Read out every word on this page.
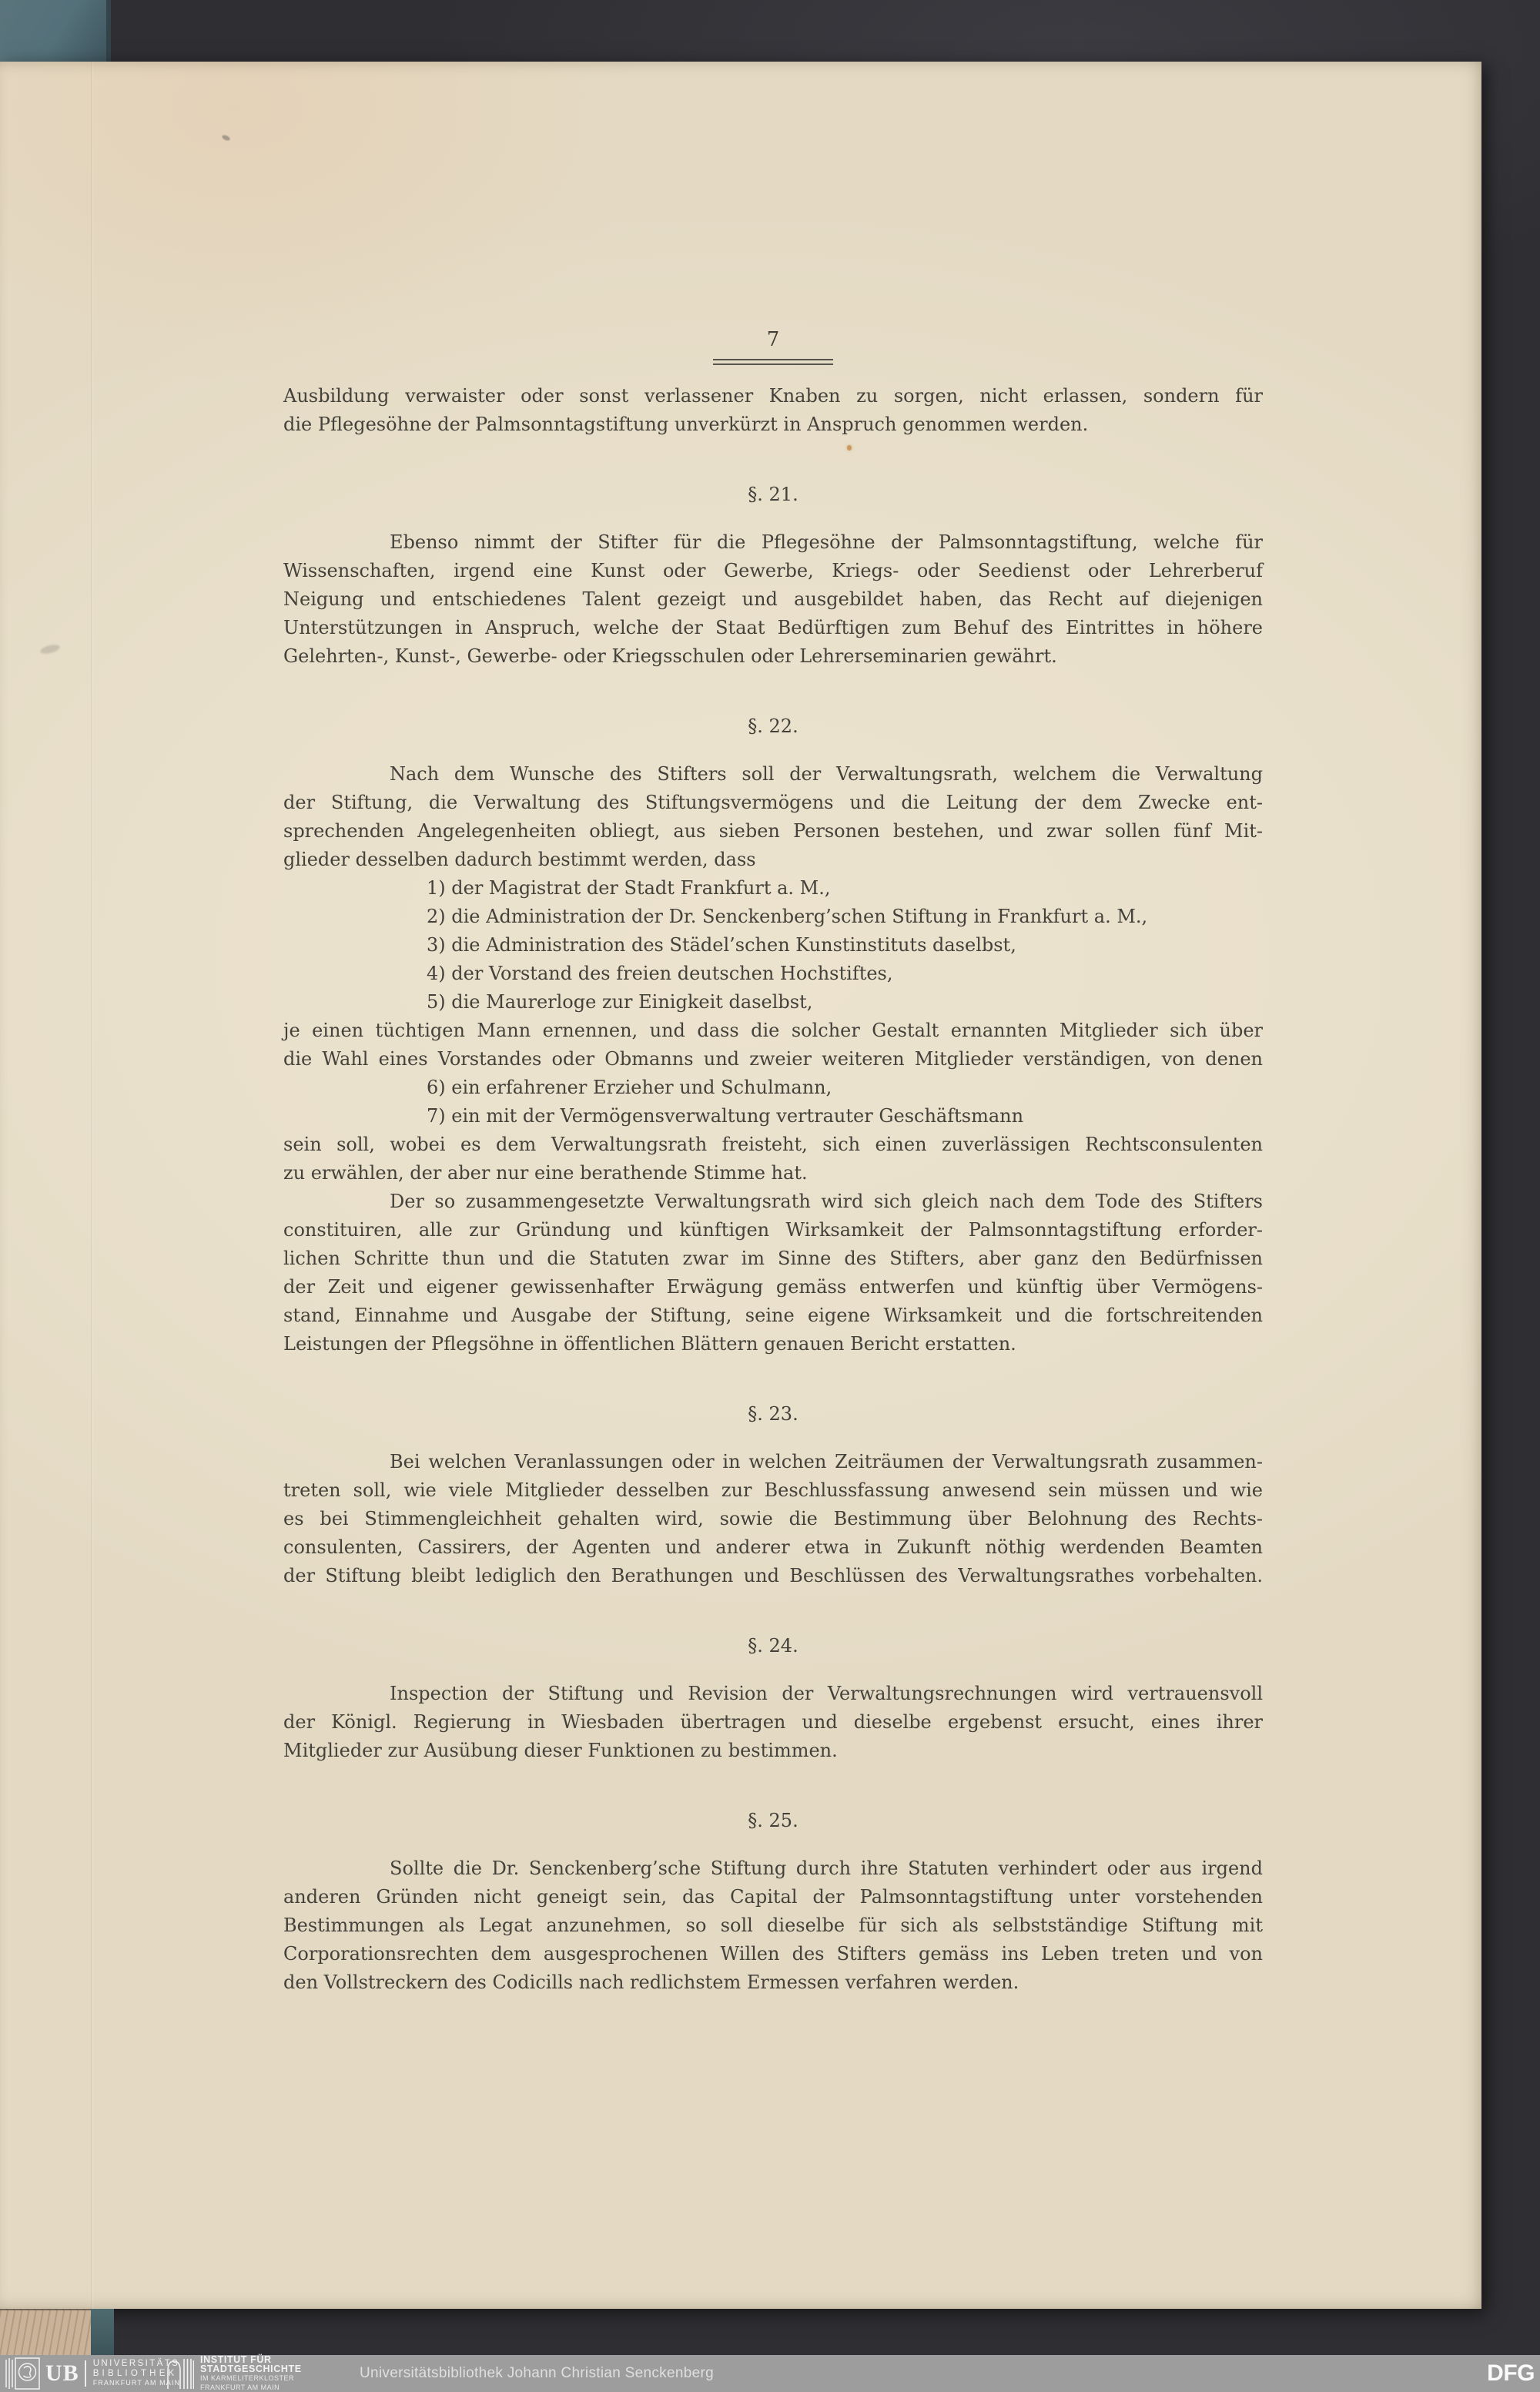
7
Ausbildung verwaister oder sonst verlassener Knaben zu sorgen, nicht erlassen, sondern für
die Pflegesöhne der Palmsonntagstiftung unverkürzt in Anspruch genommen werden.
§. 21.
Ebenso nimmt der Stifter für die Pflegesöhne der Palmsonntagstiftung, welche für
Wissenschaften, irgend eine Kunst oder Gewerbe, Kriegs- oder Seedienst oder Lehrerberuf
Neigung und entschiedenes Talent gezeigt und ausgebildet haben, das Recht auf diejenigen
Unterstützungen in Anspruch, welche der Staat Bedürftigen zum Behuf des Eintrittes in höhere
Gelehrten-, Kunst-, Gewerbe- oder Kriegsschulen oder Lehrerseminarien gewährt.
§. 22.
Nach dem Wunsche des Stifters soll der Verwaltungsrath, welchem die Verwaltung
der Stiftung, die Verwaltung des Stiftungsvermögens und die Leitung der dem Zwecke ent-
sprechenden Angelegenheiten obliegt, aus sieben Personen bestehen, und zwar sollen fünf Mit-
glieder desselben dadurch bestimmt werden, dass
1) der Magistrat der Stadt Frankfurt a. M.,
2) die Administration der Dr. Senckenberg’schen Stiftung in Frankfurt a. M.,
3) die Administration des Städel’schen Kunstinstituts daselbst,
4) der Vorstand des freien deutschen Hochstiftes,
5) die Maurerloge zur Einigkeit daselbst,
je einen tüchtigen Mann ernennen, und dass die solcher Gestalt ernannten Mitglieder sich über
die Wahl eines Vorstandes oder Obmanns und zweier weiteren Mitglieder verständigen, von denen
6) ein erfahrener Erzieher und Schulmann,
7) ein mit der Vermögensverwaltung vertrauter Geschäftsmann
sein soll, wobei es dem Verwaltungsrath freisteht, sich einen zuverlässigen Rechtsconsulenten
zu erwählen, der aber nur eine berathende Stimme hat.
Der so zusammengesetzte Verwaltungsrath wird sich gleich nach dem Tode des Stifters
constituiren, alle zur Gründung und künftigen Wirksamkeit der Palmsonntagstiftung erforder-
lichen Schritte thun und die Statuten zwar im Sinne des Stifters, aber ganz den Bedürfnissen
der Zeit und eigener gewissenhafter Erwägung gemäss entwerfen und künftig über Vermögens-
stand, Einnahme und Ausgabe der Stiftung, seine eigene Wirksamkeit und die fortschreitenden
Leistungen der Pflegsöhne in öffentlichen Blättern genauen Bericht erstatten.
§. 23.
Bei welchen Veranlassungen oder in welchen Zeiträumen der Verwaltungsrath zusammen-
treten soll, wie viele Mitglieder desselben zur Beschlussfassung anwesend sein müssen und wie
es bei Stimmengleichheit gehalten wird, sowie die Bestimmung über Belohnung des Rechts-
consulenten, Cassirers, der Agenten und anderer etwa in Zukunft nöthig werdenden Beamten
der Stiftung bleibt lediglich den Berathungen und Beschlüssen des Verwaltungsrathes vorbehalten.
§. 24.
Inspection der Stiftung und Revision der Verwaltungsrechnungen wird vertrauensvoll
der Königl. Regierung in Wiesbaden übertragen und dieselbe ergebenst ersucht, eines ihrer
Mitglieder zur Ausübung dieser Funktionen zu bestimmen.
§. 25.
Sollte die Dr. Senckenberg’sche Stiftung durch ihre Statuten verhindert oder aus irgend
anderen Gründen nicht geneigt sein, das Capital der Palmsonntagstiftung unter vorstehenden
Bestimmungen als Legat anzunehmen, so soll dieselbe für sich als selbstständige Stiftung mit
Corporationsrechten dem ausgesprochenen Willen des Stifters gemäss ins Leben treten und von
den Vollstreckern des Codicills nach redlichstem Ermessen verfahren werden.
UB UNIVERSITÄTS
BIBLIOTHEK
FRANKFURT AM MAIN
INSTITUT FÜR
STADTGESCHICHTE
IM KARMELITERKLOSTER
FRANKFURT AM MAIN
Universitätsbibliothek Johann Christian Senckenberg	DFG
